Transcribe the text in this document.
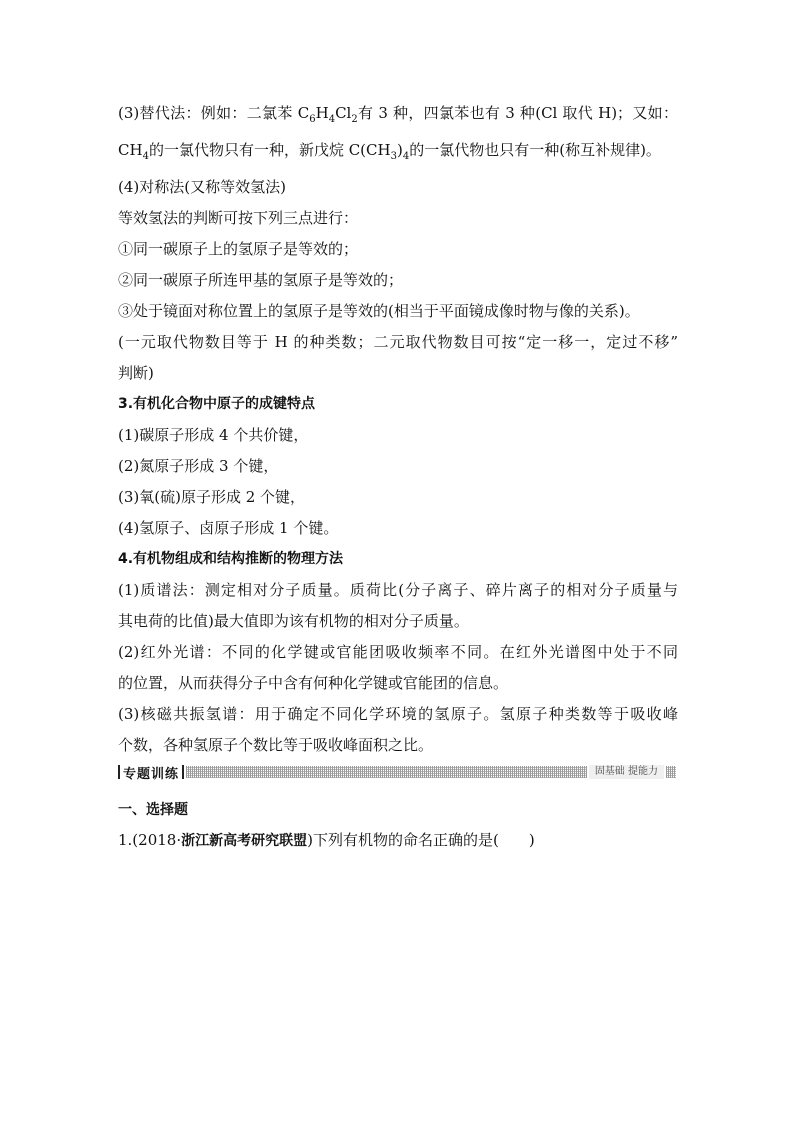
(3)替代法：例如：二氯苯 $C_6H_4Cl_2$有 3 种，四氯苯也有 3 种(Cl 取代 H)；又如：
$CH_4$的一氯代物只有一种，新戊烷 $C(CH_3)_4$的一氯代物也只有一种(称互补规律)。
(4)对称法(又称等效氢法)
等效氢法的判断可按下列三点进行：
①同一碳原子上的氢原子是等效的；
②同一碳原子所连甲基的氢原子是等效的；
③处于镜面对称位置上的氢原子是等效的(相当于平面镜成像时物与像的关系)。
(一元取代物数目等于 H 的种类数；二元取代物数目可按“定一移一，定过不移”
判断)
3.有机化合物中原子的成键特点
(1)碳原子形成 4 个共价键，
(2)氮原子形成 3 个键，
(3)氧(硫)原子形成 2 个键，
(4)氢原子、卤原子形成 1 个键。
4.有机物组成和结构推断的物理方法
(1)质谱法：测定相对分子质量。质荷比(分子离子、碎片离子的相对分子质量与
其电荷的比值)最大值即为该有机物的相对分子质量。
(2)红外光谱：不同的化学键或官能团吸收频率不同。在红外光谱图中处于不同
的位置，从而获得分子中含有何种化学键或官能团的信息。
(3)核磁共振氢谱：用于确定不同化学环境的氢原子。氢原子种类数等于吸收峰
个数，各种氢原子个数比等于吸收峰面积之比。
专题训练	固基础 提能力
一、选择题
1.(2018·浙江新高考研究联盟)下列有机物的命名正确的是(　　)
